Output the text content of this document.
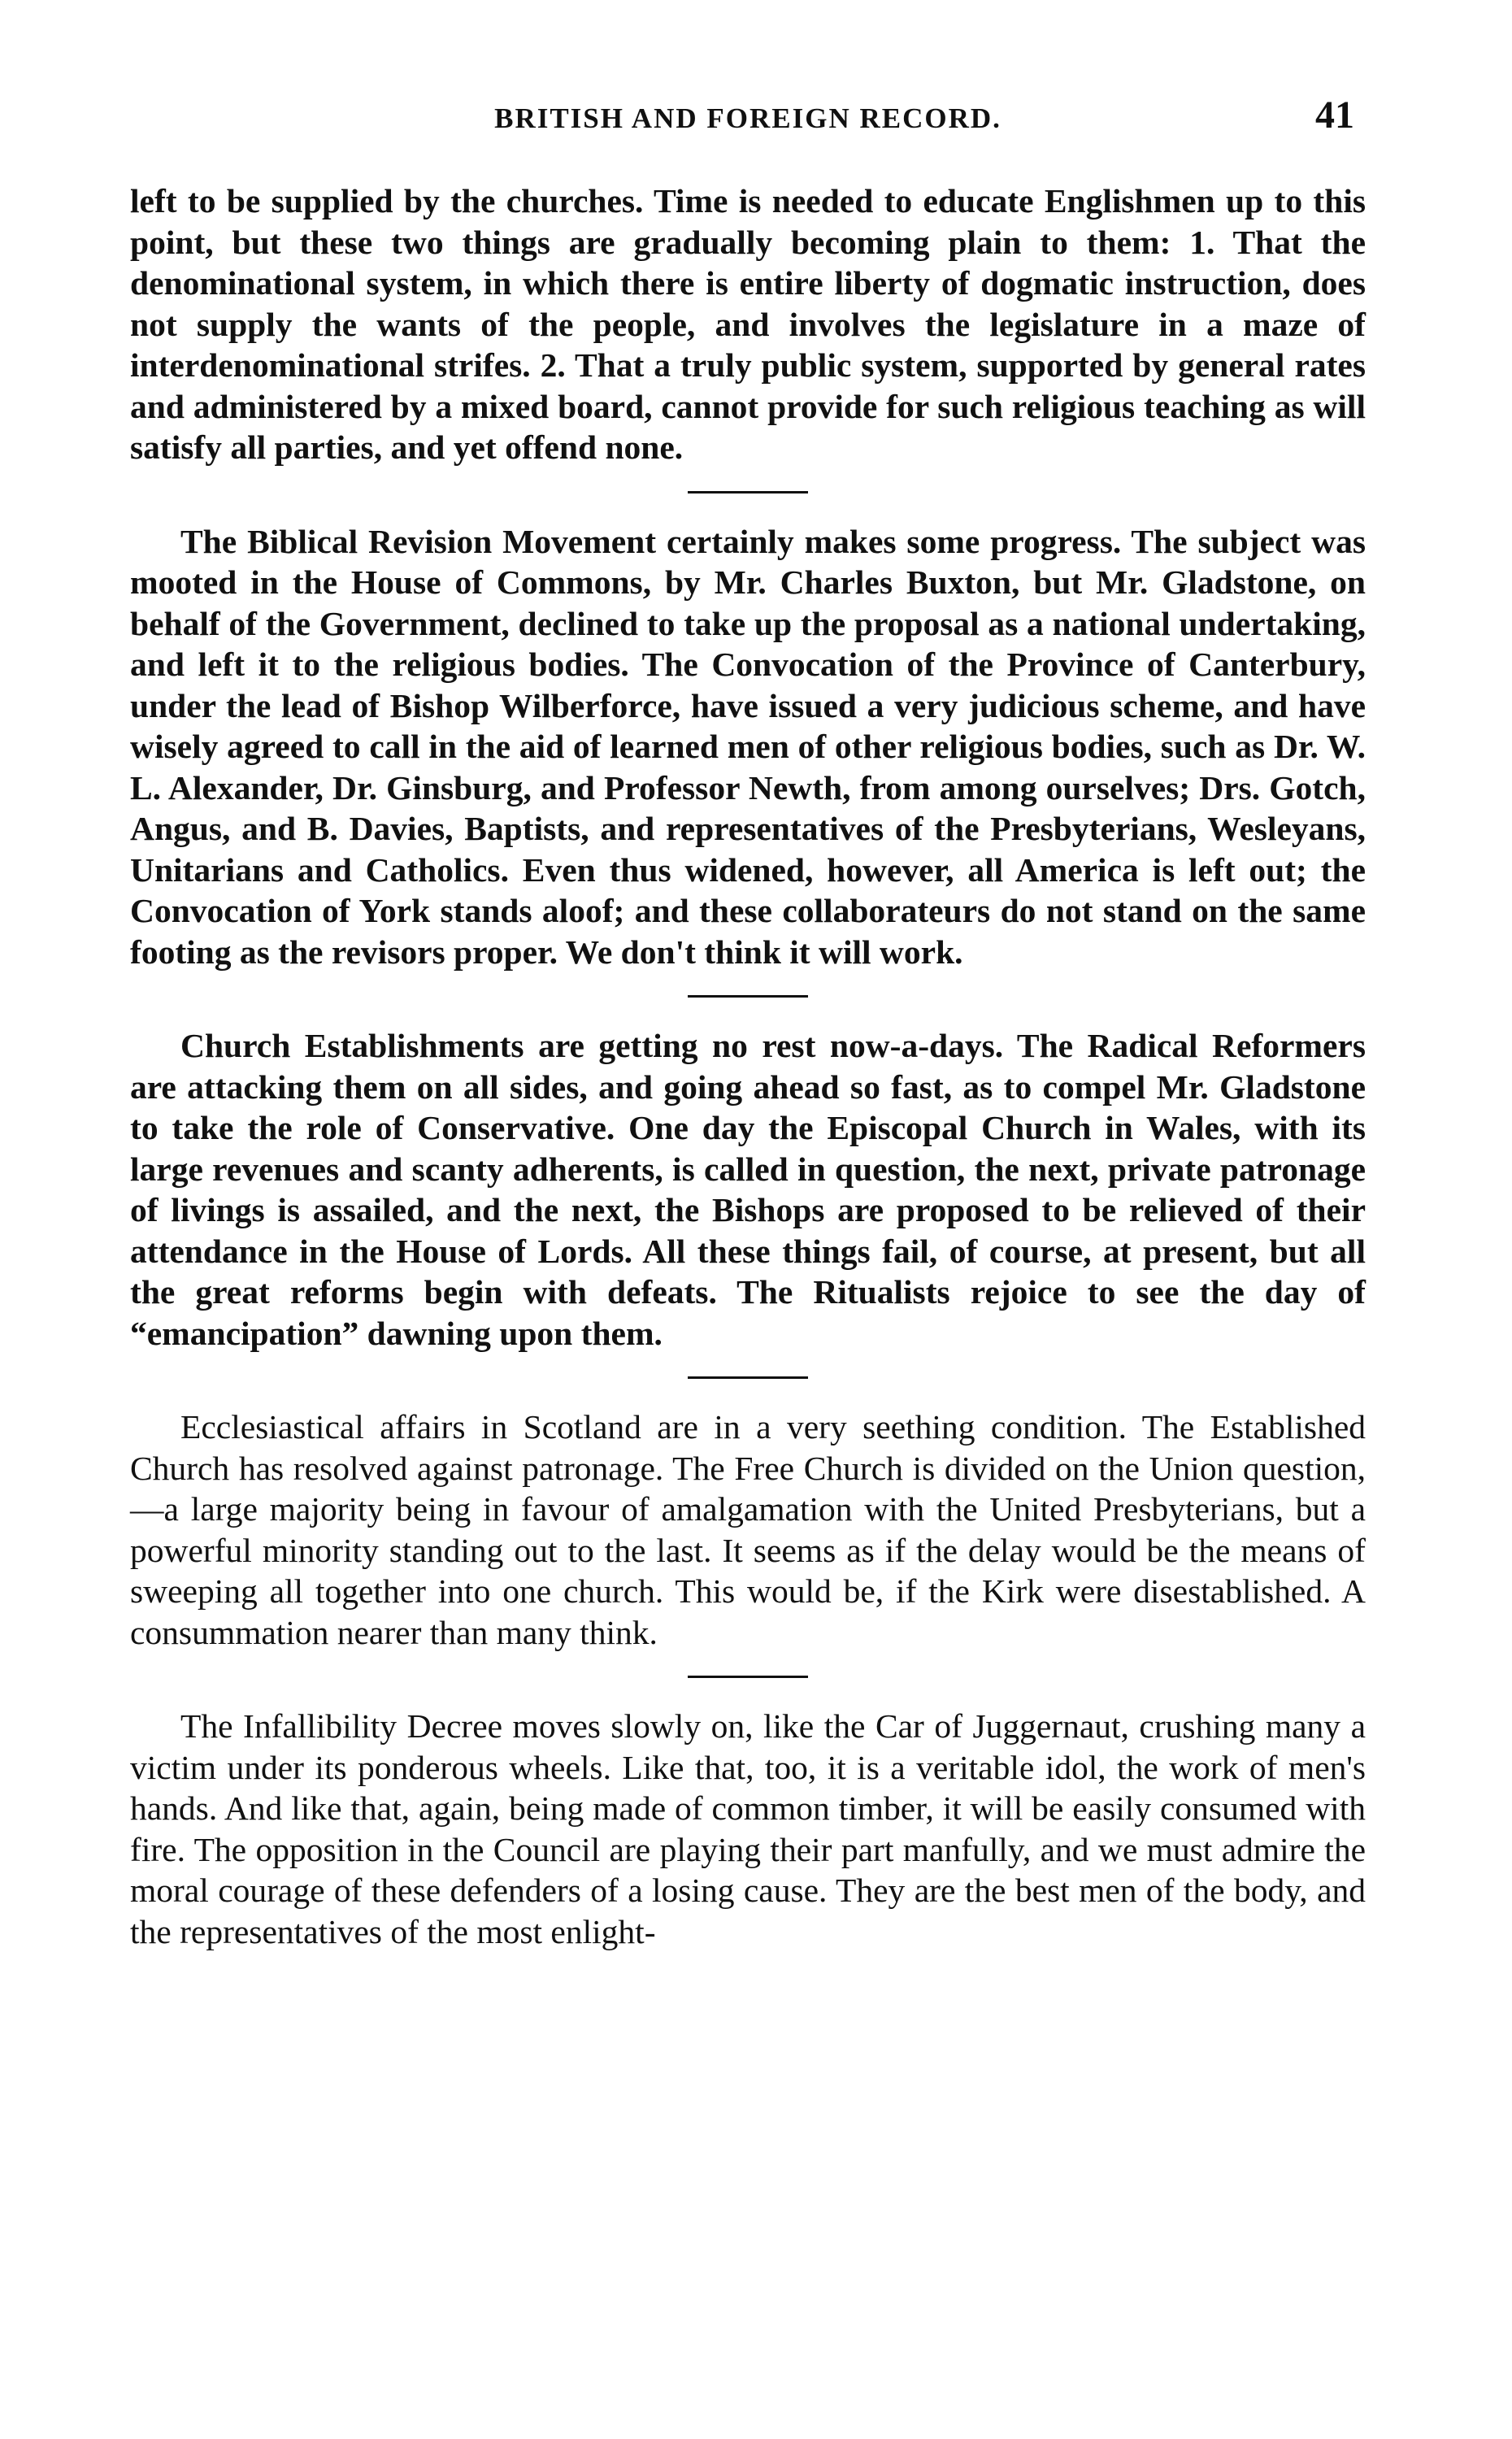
BRITISH AND FOREIGN RECORD.	41

left to be supplied by the churches. Time is needed to educate Englishmen up to this point, but these two things are gradually becoming plain to them: 1. That the denominational system, in which there is entire liberty of dogmatic instruction, does not supply the wants of the people, and involves the legislature in a maze of interdenominational strifes. 2. That a truly public system, supported by general rates and administered by a mixed board, cannot provide for such religious teaching as will satisfy all parties, and yet offend none.

The Biblical Revision Movement certainly makes some progress. The subject was mooted in the House of Commons, by Mr. Charles Buxton, but Mr. Gladstone, on behalf of the Government, declined to take up the proposal as a national undertaking, and left it to the religious bodies. The Convocation of the Province of Canterbury, under the lead of Bishop Wilberforce, have issued a very judicious scheme, and have wisely agreed to call in the aid of learned men of other religious bodies, such as Dr. W. L. Alexander, Dr. Ginsburg, and Professor Newth, from among ourselves; Drs. Gotch, Angus, and B. Davies, Baptists, and representatives of the Presbyterians, Wesleyans, Unitarians and Catholics. Even thus widened, however, all America is left out; the Convocation of York stands aloof; and these collaborateurs do not stand on the same footing as the revisors proper. We don't think it will work.

Church Establishments are getting no rest now-a-days. The Radical Reformers are attacking them on all sides, and going ahead so fast, as to compel Mr. Gladstone to take the role of Conservative. One day the Episcopal Church in Wales, with its large revenues and scanty adherents, is called in question, the next, private patronage of livings is assailed, and the next, the Bishops are proposed to be relieved of their attendance in the House of Lords. All these things fail, of course, at present, but all the great reforms begin with defeats. The Ritualists rejoice to see the day of “emancipation” dawning upon them.

Ecclesiastical affairs in Scotland are in a very seething condition. The Established Church has resolved against patronage. The Free Church is divided on the Union question,—a large majority being in favour of amalgamation with the United Presbyterians, but a powerful minority standing out to the last. It seems as if the delay would be the means of sweeping all together into one church. This would be, if the Kirk were disestablished. A consummation nearer than many think.

The Infallibility Decree moves slowly on, like the Car of Juggernaut, crushing many a victim under its ponderous wheels. Like that, too, it is a veritable idol, the work of men's hands. And like that, again, being made of common timber, it will be easily consumed with fire. The opposition in the Council are playing their part manfully, and we must admire the moral courage of these defenders of a losing cause. They are the best men of the body, and the representatives of the most enlight-
